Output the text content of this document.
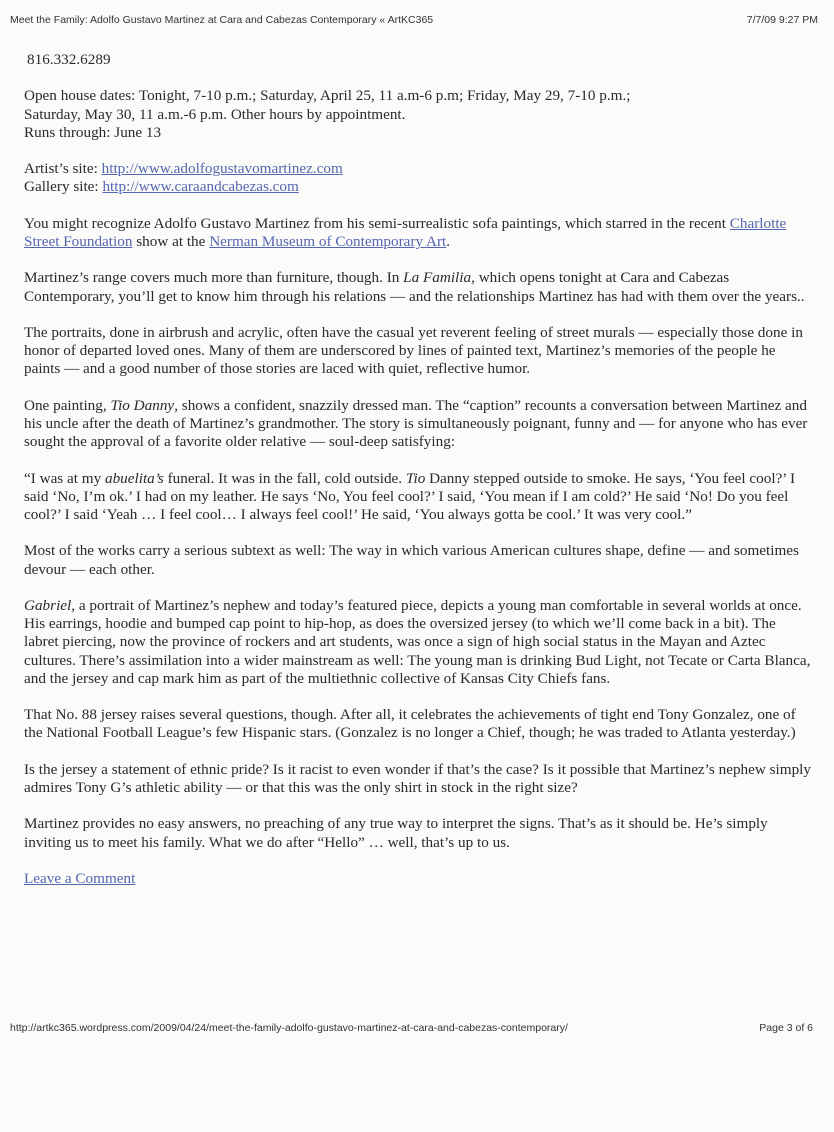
Meet the Family: Adolfo Gustavo Martinez at Cara and Cabezas Contemporary « ArtKC365	7/7/09 9:27 PM

816.332.6289

Open house dates: Tonight, 7-10 p.m.; Saturday, April 25, 11 a.m-6 p.m; Friday, May 29, 7-10 p.m.;
Saturday, May 30, 11 a.m.-6 p.m. Other hours by appointment.
Runs through: June 13

Artist’s site: http://www.adolfogustavomartinez.com
Gallery site: http://www.caraandcabezas.com

You might recognize Adolfo Gustavo Martinez from his semi-surrealistic sofa paintings, which starred in the recent Charlotte Street Foundation show at the Nerman Museum of Contemporary Art.

Martinez’s range covers much more than furniture, though. In La Familia, which opens tonight at Cara and Cabezas Contemporary, you’ll get to know him through his relations — and the relationships Martinez has had with them over the years..

The portraits, done in airbrush and acrylic, often have the casual yet reverent feeling of street murals — especially those done in honor of departed loved ones. Many of them are underscored by lines of painted text, Martinez’s memories of the people he paints — and a good number of those stories are laced with quiet, reflective humor.

One painting, Tio Danny, shows a confident, snazzily dressed man. The “caption” recounts a conversation between Martinez and his uncle after the death of Martinez’s grandmother. The story is simultaneously poignant, funny and — for anyone who has ever sought the approval of a favorite older relative — soul-deep satisfying:

“I was at my abuelita’s funeral. It was in the fall, cold outside. Tio Danny stepped outside to smoke. He says, ‘You feel cool?’ I said ‘No, I’m ok.’ I had on my leather. He says ‘No, You feel cool?’ I said, ‘You mean if I am cold?’ He said ‘No! Do you feel cool?’ I said ‘Yeah … I feel cool… I always feel cool!’ He said, ‘You always gotta be cool.’ It was very cool.”

Most of the works carry a serious subtext as well: The way in which various American cultures shape, define — and sometimes devour — each other.

Gabriel, a portrait of Martinez’s nephew and today’s featured piece, depicts a young man comfortable in several worlds at once. His earrings, hoodie and bumped cap point to hip-hop, as does the oversized jersey (to which we’ll come back in a bit). The labret piercing, now the province of rockers and art students, was once a sign of high social status in the Mayan and Aztec cultures. There’s assimilation into a wider mainstream as well: The young man is drinking Bud Light, not Tecate or Carta Blanca, and the jersey and cap mark him as part of the multiethnic collective of Kansas City Chiefs fans.

That No. 88 jersey raises several questions, though. After all, it celebrates the achievements of tight end Tony Gonzalez, one of the National Football League’s few Hispanic stars. (Gonzalez is no longer a Chief, though; he was traded to Atlanta yesterday.)

Is the jersey a statement of ethnic pride? Is it racist to even wonder if that’s the case? Is it possible that Martinez’s nephew simply admires Tony G’s athletic ability — or that this was the only shirt in stock in the right size?

Martinez provides no easy answers, no preaching of any true way to interpret the signs. That’s as it should be. He’s simply inviting us to meet his family. What we do after “Hello” … well, that’s up to us.

Leave a Comment

http://artkc365.wordpress.com/2009/04/24/meet-the-family-adolfo-gustavo-martinez-at-cara-and-cabezas-contemporary/	Page 3 of 6
